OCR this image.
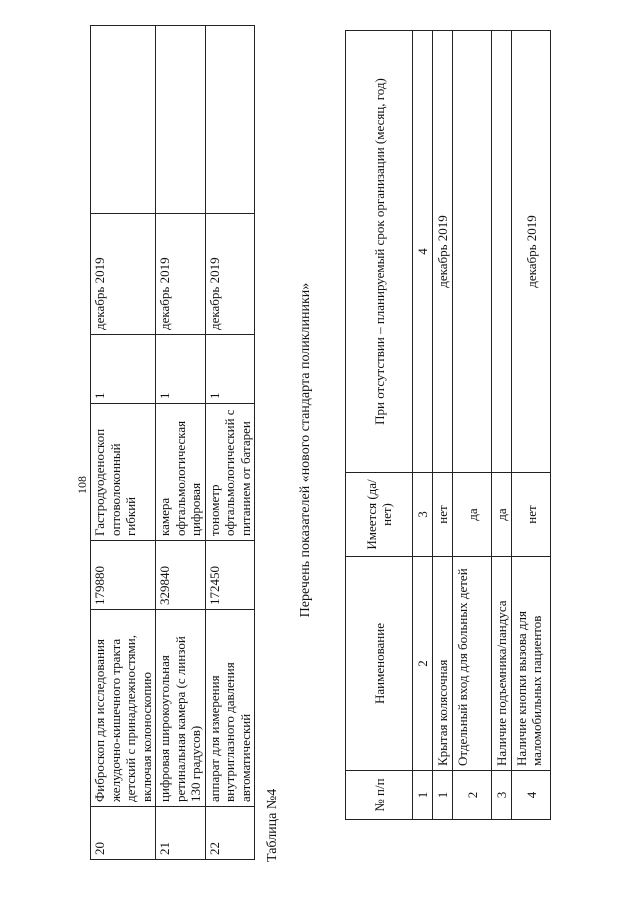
108
20	Фиброскоп для исследования желудочно-кишечного тракта детский с принадлежностями, включая колоноскопию	179880	Гастродуоденоскоп оптоволоконный гибкий	1	декабрь 2019	
21	цифровая широкоугольная ретинальная камера (с линзой 130 градусов)	329840	камера офтальмологическая цифровая	1	декабрь 2019	
22	аппарат для измерения внутриглазного давления автоматический	172450	тонометр офтальмологический с питанием от батареи	1	декабрь 2019	
Таблица №4
Перечень показателей «нового стандарта поликлиники»
№ п/п	Наименование	Имеется (да/нет)	При отсутствии – планируемый срок организации (месяц, год)
1	2	3	4
1	Крытая колясочная	нет	декабрь 2019
2	Отдельный вход для больных детей	да	
3	Наличие подъемника/пандуса	да	
4	Наличие кнопки вызова для маломобильных пациентов	нет	декабрь 2019
